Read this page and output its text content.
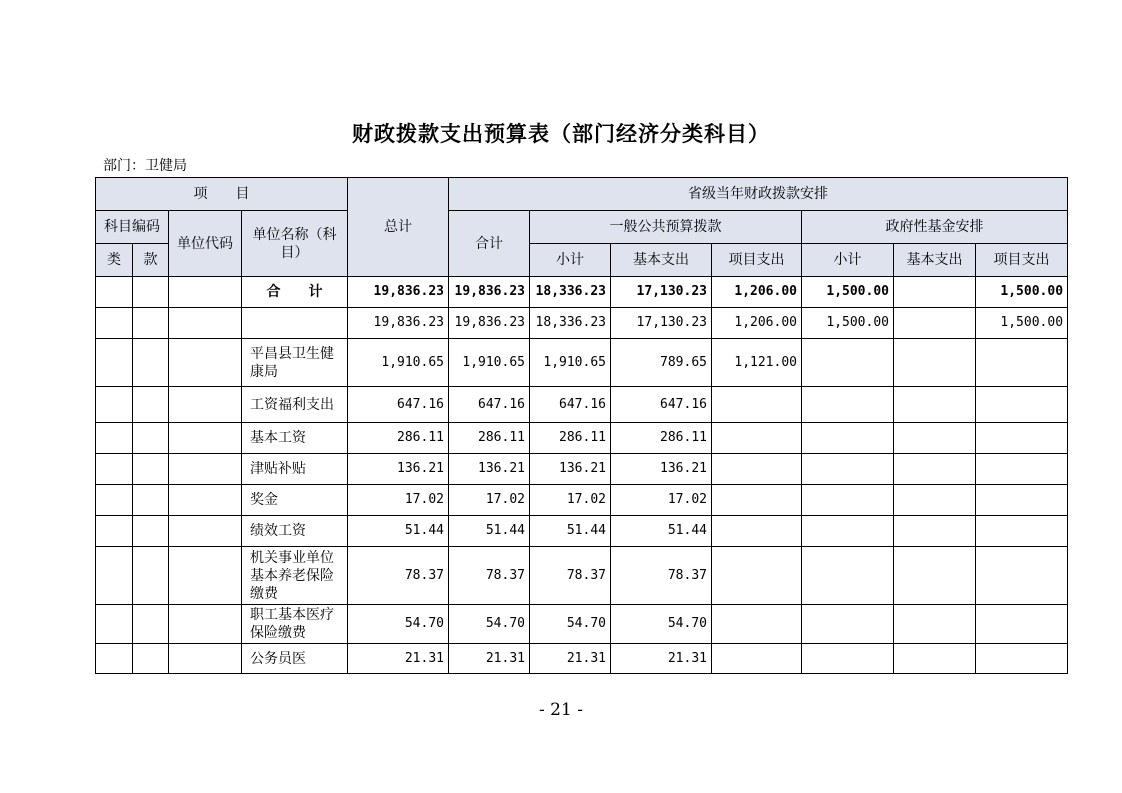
财政拨款支出预算表（部门经济分类科目）
部门：卫健局
项　　目				总计	省级当年财政拨款安排						
科目编码		单位代码	单位名称（科目）		合计	一般公共预算拨款			政府性基金安排		
类	款					小计	基本支出	项目支出	小计	基本支出	项目支出
			合　　计	19,836.23	19,836.23	18,336.23	17,130.23	1,206.00	1,500.00		1,500.00
				19,836.23	19,836.23	18,336.23	17,130.23	1,206.00	1,500.00		1,500.00
			平昌县卫生健康局	1,910.65	1,910.65	1,910.65	789.65	1,121.00			
			工资福利支出	647.16	647.16	647.16	647.16				
			基本工资	286.11	286.11	286.11	286.11				
			津贴补贴	136.21	136.21	136.21	136.21				
			奖金	17.02	17.02	17.02	17.02				
			绩效工资	51.44	51.44	51.44	51.44				
			机关事业单位基本养老保险缴费	78.37	78.37	78.37	78.37				
			职工基本医疗保险缴费	54.70	54.70	54.70	54.70				
			公务员医	21.31	21.31	21.31	21.31				
- 21 -
